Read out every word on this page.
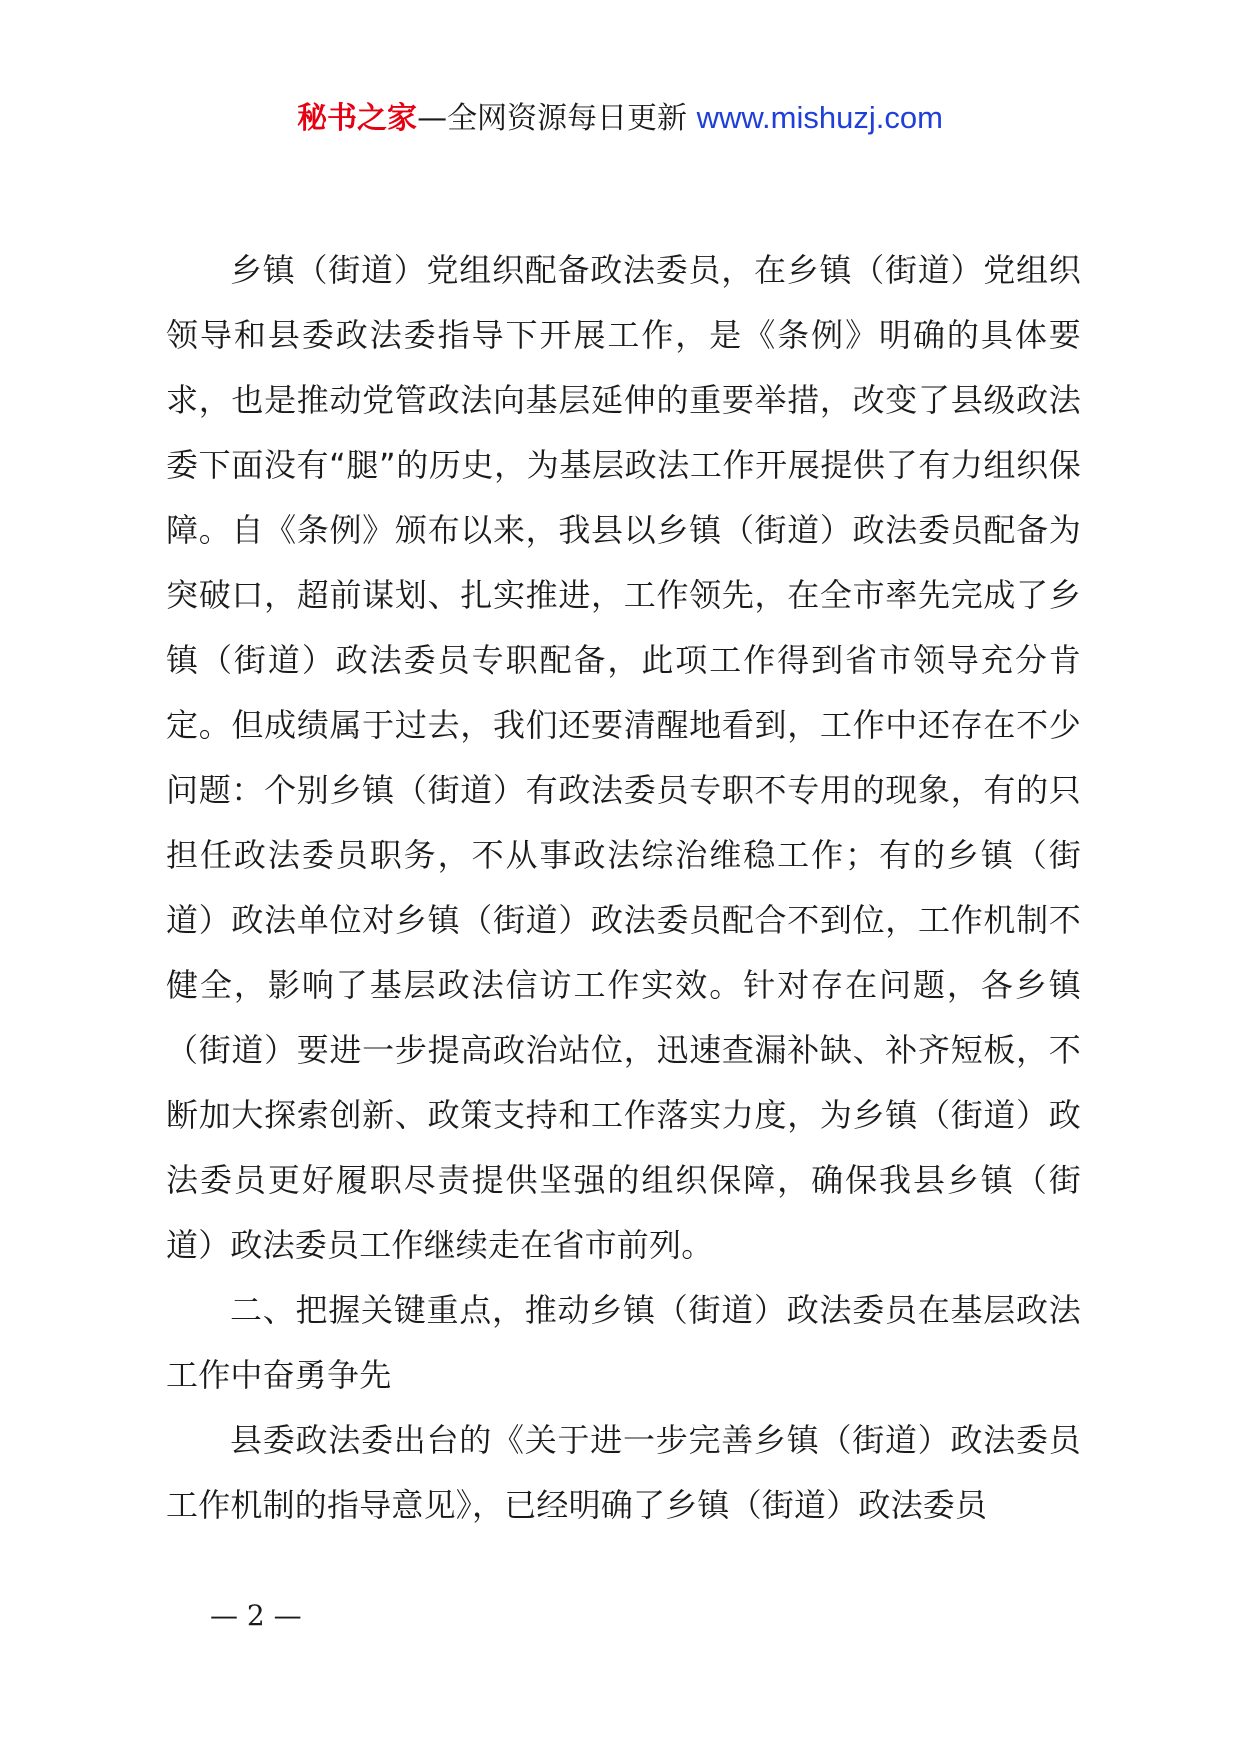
秘书之家—全网资源每日更新 www.mishuzj.com

乡镇（街道）党组织配备政法委员，在乡镇（街道）党组织领导和县委政法委指导下开展工作，是《条例》明确的具体要求，也是推动党管政法向基层延伸的重要举措，改变了县级政法委下面没有“腿”的历史，为基层政法工作开展提供了有力组织保障。自《条例》颁布以来，我县以乡镇（街道）政法委员配备为突破口，超前谋划、扎实推进，工作领先，在全市率先完成了乡镇（街道）政法委员专职配备，此项工作得到省市领导充分肯定。但成绩属于过去，我们还要清醒地看到，工作中还存在不少问题：个别乡镇（街道）有政法委员专职不专用的现象，有的只担任政法委员职务，不从事政法综治维稳工作；有的乡镇（街道）政法单位对乡镇（街道）政法委员配合不到位，工作机制不健全，影响了基层政法信访工作实效。针对存在问题，各乡镇（街道）要进一步提高政治站位，迅速查漏补缺、补齐短板，不断加大探索创新、政策支持和工作落实力度，为乡镇（街道）政法委员更好履职尽责提供坚强的组织保障，确保我县乡镇（街道）政法委员工作继续走在省市前列。

二、把握关键重点，推动乡镇（街道）政法委员在基层政法工作中奋勇争先

县委政法委出台的《关于进一步完善乡镇（街道）政法委员工作机制的指导意见》，已经明确了乡镇（街道）政法委员

— 2 —
